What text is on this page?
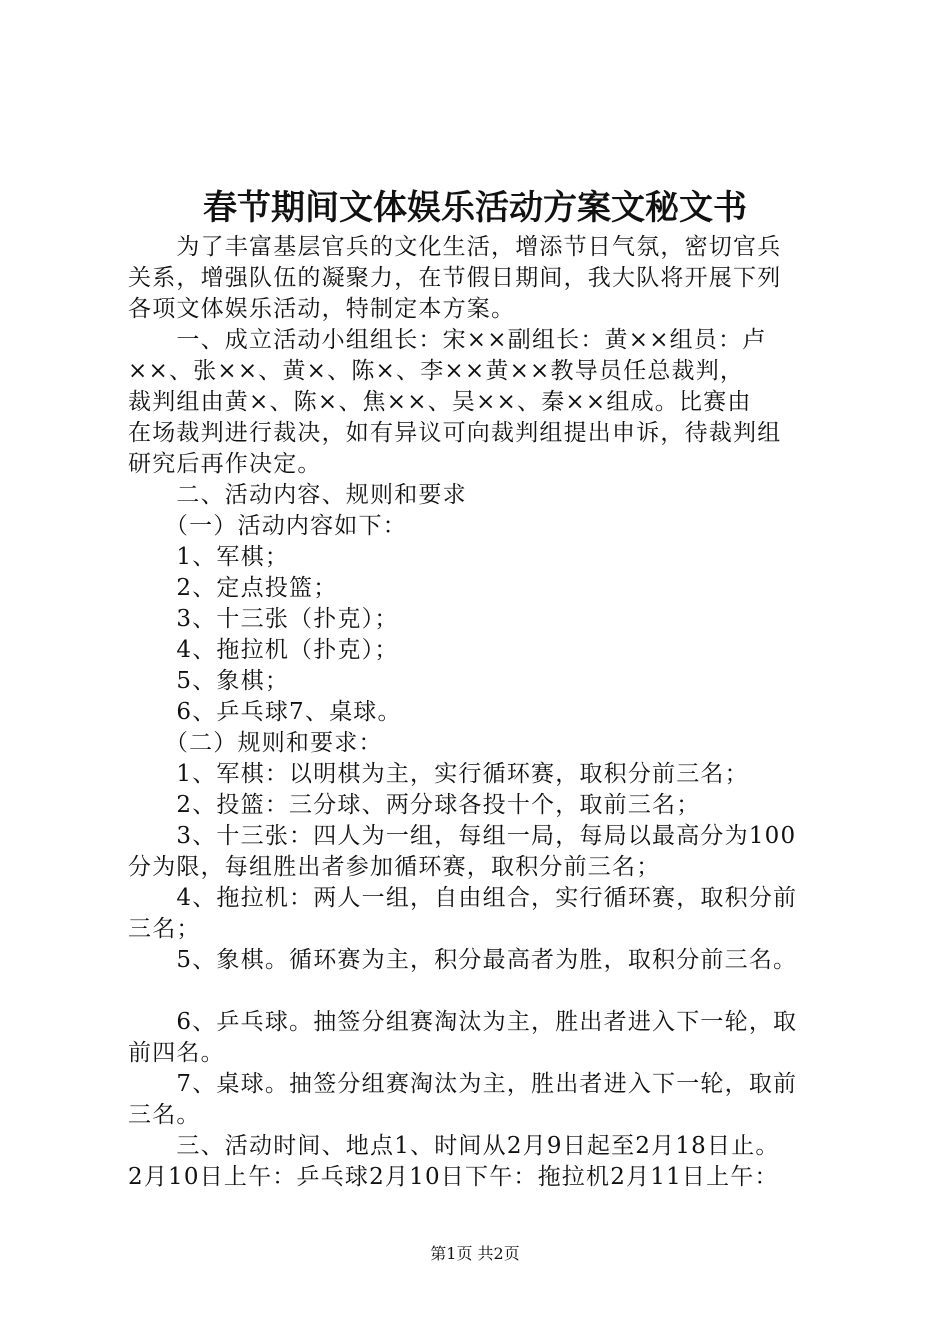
春节期间文体娱乐活动方案文秘文书
　　为了丰富基层官兵的文化生活，增添节日气氛，密切官兵
关系，增强队伍的凝聚力，在节假日期间，我大队将开展下列
各项文体娱乐活动，特制定本方案。
　　一、成立活动小组组长：宋××副组长：黄××组员：卢
××、张××、黄×、陈×、李××黄××教导员任总裁判，
裁判组由黄×、陈×、焦××、吴××、秦××组成。比赛由
在场裁判进行裁决，如有异议可向裁判组提出申诉，待裁判组
研究后再作决定。
　　二、活动内容、规则和要求
　　（一）活动内容如下：
　　1、军棋；
　　2、定点投篮；
　　3、十三张（扑克）；
　　4、拖拉机（扑克）；
　　5、象棋；
　　6、乒乓球7、桌球。
　　（二）规则和要求：
　　1、军棋：以明棋为主，实行循环赛，取积分前三名；
　　2、投篮：三分球、两分球各投十个，取前三名；
　　3、十三张：四人为一组，每组一局，每局以最高分为100
分为限，每组胜出者参加循环赛，取积分前三名；
　　4、拖拉机：两人一组，自由组合，实行循环赛，取积分前
三名；
　　5、象棋。循环赛为主，积分最高者为胜，取积分前三名。
　　6、乒乓球。抽签分组赛淘汰为主，胜出者进入下一轮，取
前四名。
　　7、桌球。抽签分组赛淘汰为主，胜出者进入下一轮，取前
三名。
　　三、活动时间、地点1、时间从2月9日起至2月18日止。
2月10日上午：乒乓球2月10日下午：拖拉机2月11日上午：
第1页 共2页
